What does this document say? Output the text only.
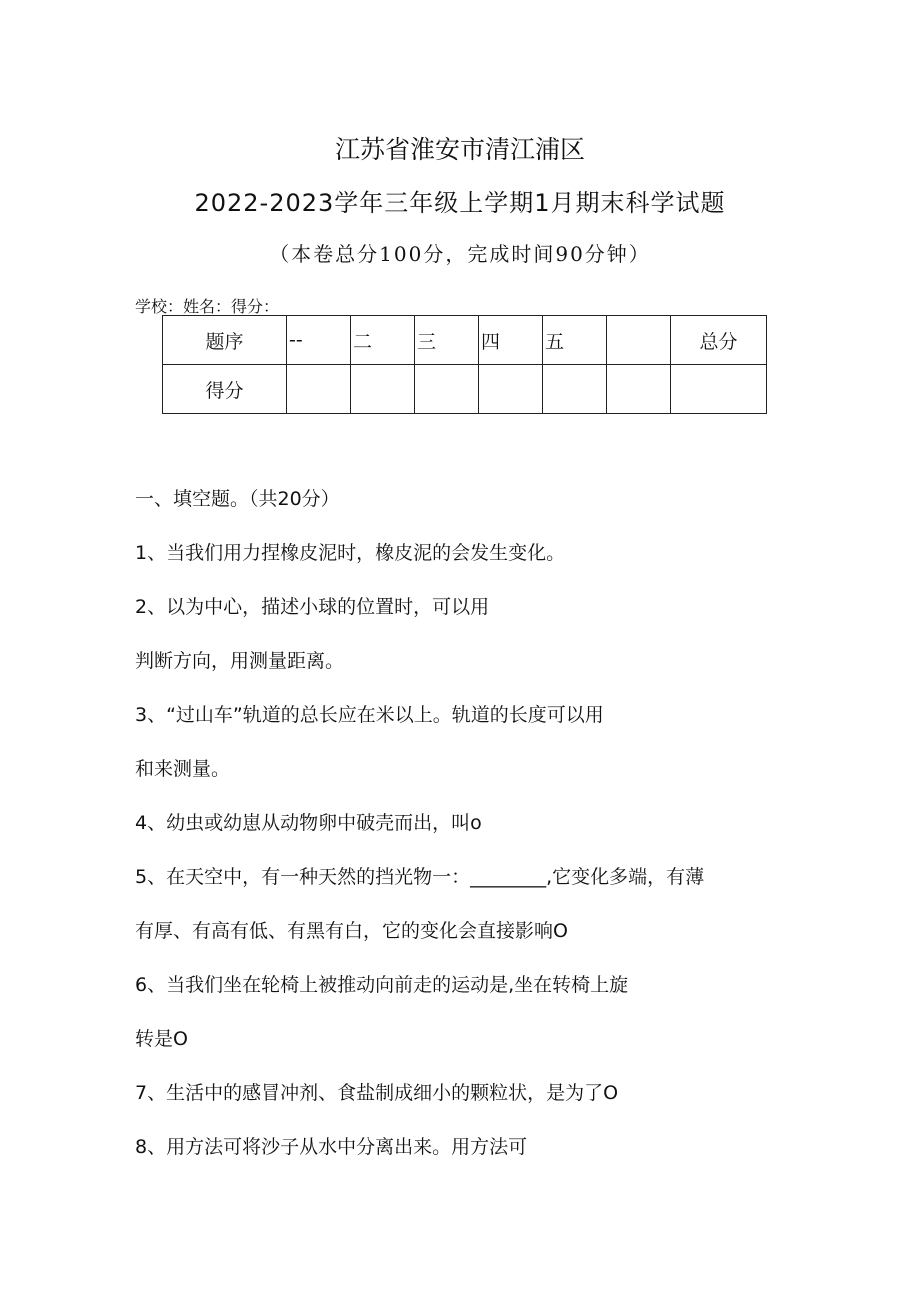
江苏省淮安市清江浦区
2022-2023学年三年级上学期1月期末科学试题
（本卷总分100分，完成时间90分钟）
学校：姓名：得分：
题序	--	二	三	四	五		总分
得分							
一、填空题。（共20分）
1、当我们用力捏橡皮泥时，橡皮泥的会发生变化。
2、以为中心，描述小球的位置时，可以用
判断方向，用测量距离。
3、“过山车”轨道的总长应在米以上。轨道的长度可以用
和来测量。
4、幼虫或幼崽从动物卵中破壳而出，叫o
5、在天空中，有一种天然的挡光物一：________,它变化多端，有薄
有厚、有高有低、有黑有白，它的变化会直接影响O
6、当我们坐在轮椅上被推动向前走的运动是,坐在转椅上旋
转是O
7、生活中的感冒冲剂、食盐制成细小的颗粒状，是为了O
8、用方法可将沙子从水中分离出来。用方法可
